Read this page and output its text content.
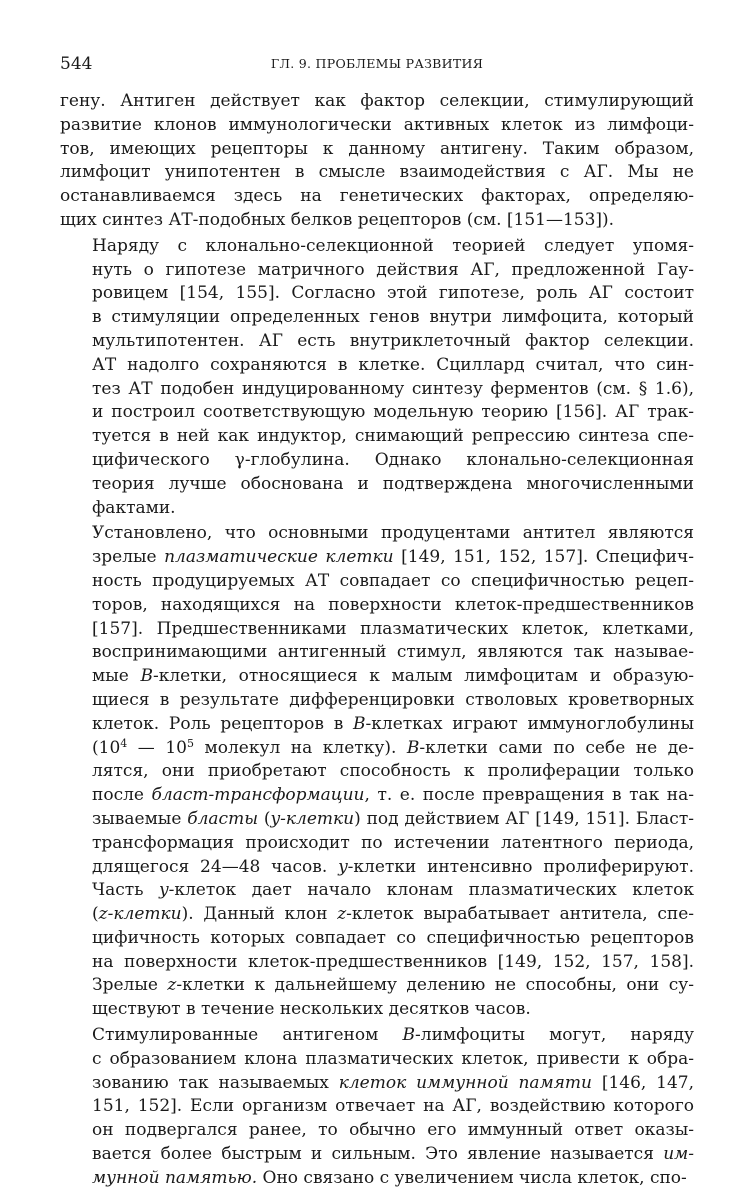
544	ГЛ. 9. ПРОБЛЕМЫ РАЗВИТИЯ
гену. Антиген действует как фактор селекции, стимулирующий
развитие клонов иммунологически активных клеток из лимфоци-
тов, имеющих рецепторы к данному антигену. Таким образом,
лимфоцит унипотентен в смысле взаимодействия с АГ. Мы не
останавливаемся здесь на генетических факторах, определяю-
щих синтез АТ-подобных белков рецепторов (см. [151—153]).
Наряду с клонально-селекционной теорией следует упомя-
нуть о гипотезе матричного действия АГ, предложенной Гау-
ровицем [154, 155]. Согласно этой гипотезе, роль АГ состоит
в стимуляции определенных генов внутри лимфоцита, который
мультипотентен. АГ есть внутриклеточный фактор селекции.
АТ надолго сохраняются в клетке. Сциллард считал, что син-
тез АТ подобен индуцированному синтезу ферментов (см. § 1.6),
и построил соответствующую модельную теорию [156]. АГ трак-
туется в ней как индуктор, снимающий репрессию синтеза спе-
цифического γ-глобулина. Однако клонально-селекционная
теория лучше обоснована и подтверждена многочисленными
фактами.
Установлено, что основными продуцентами антител являются
зрелые плазматические клетки [149, 151, 152, 157]. Специфич-
ность продуцируемых АТ совпадает со специфичностью рецеп-
торов, находящихся на поверхности клеток-предшественников
[157]. Предшественниками плазматических клеток, клетками,
воспринимающими антигенный стимул, являются так называе-
мые B-клетки, относящиеся к малым лимфоцитам и образую-
щиеся в результате дифференцировки стволовых кроветворных
клеток. Роль рецепторов в B-клетках играют иммуноглобулины
($10^4$ — $10^5$ молекул на клетку). B-клетки сами по себе не де-
лятся, они приобретают способность к пролиферации только
после бласт-трансформации, т. е. после превращения в так на-
зываемые бласты (y-клетки) под действием АГ [149, 151]. Бласт-
трансформация происходит по истечении латентного периода,
длящегося 24—48 часов. y-клетки интенсивно пролиферируют.
Часть y-клеток дает начало клонам плазматических клеток
(z-клетки). Данный клон z-клеток вырабатывает антитела, спе-
цифичность которых совпадает со специфичностью рецепторов
на поверхности клеток-предшественников [149, 152, 157, 158].
Зрелые z-клетки к дальнейшему делению не способны, они су-
ществуют в течение нескольких десятков часов.
Стимулированные антигеном B-лимфоциты могут, наряду
с образованием клона плазматических клеток, привести к обра-
зованию так называемых клеток иммунной памяти [146, 147,
151, 152]. Если организм отвечает на АГ, воздействию которого
он подвергался ранее, то обычно его иммунный ответ оказы-
вается более быстрым и сильным. Это явление называется им-
мунной памятью. Оно связано с увеличением числа клеток, спо-
